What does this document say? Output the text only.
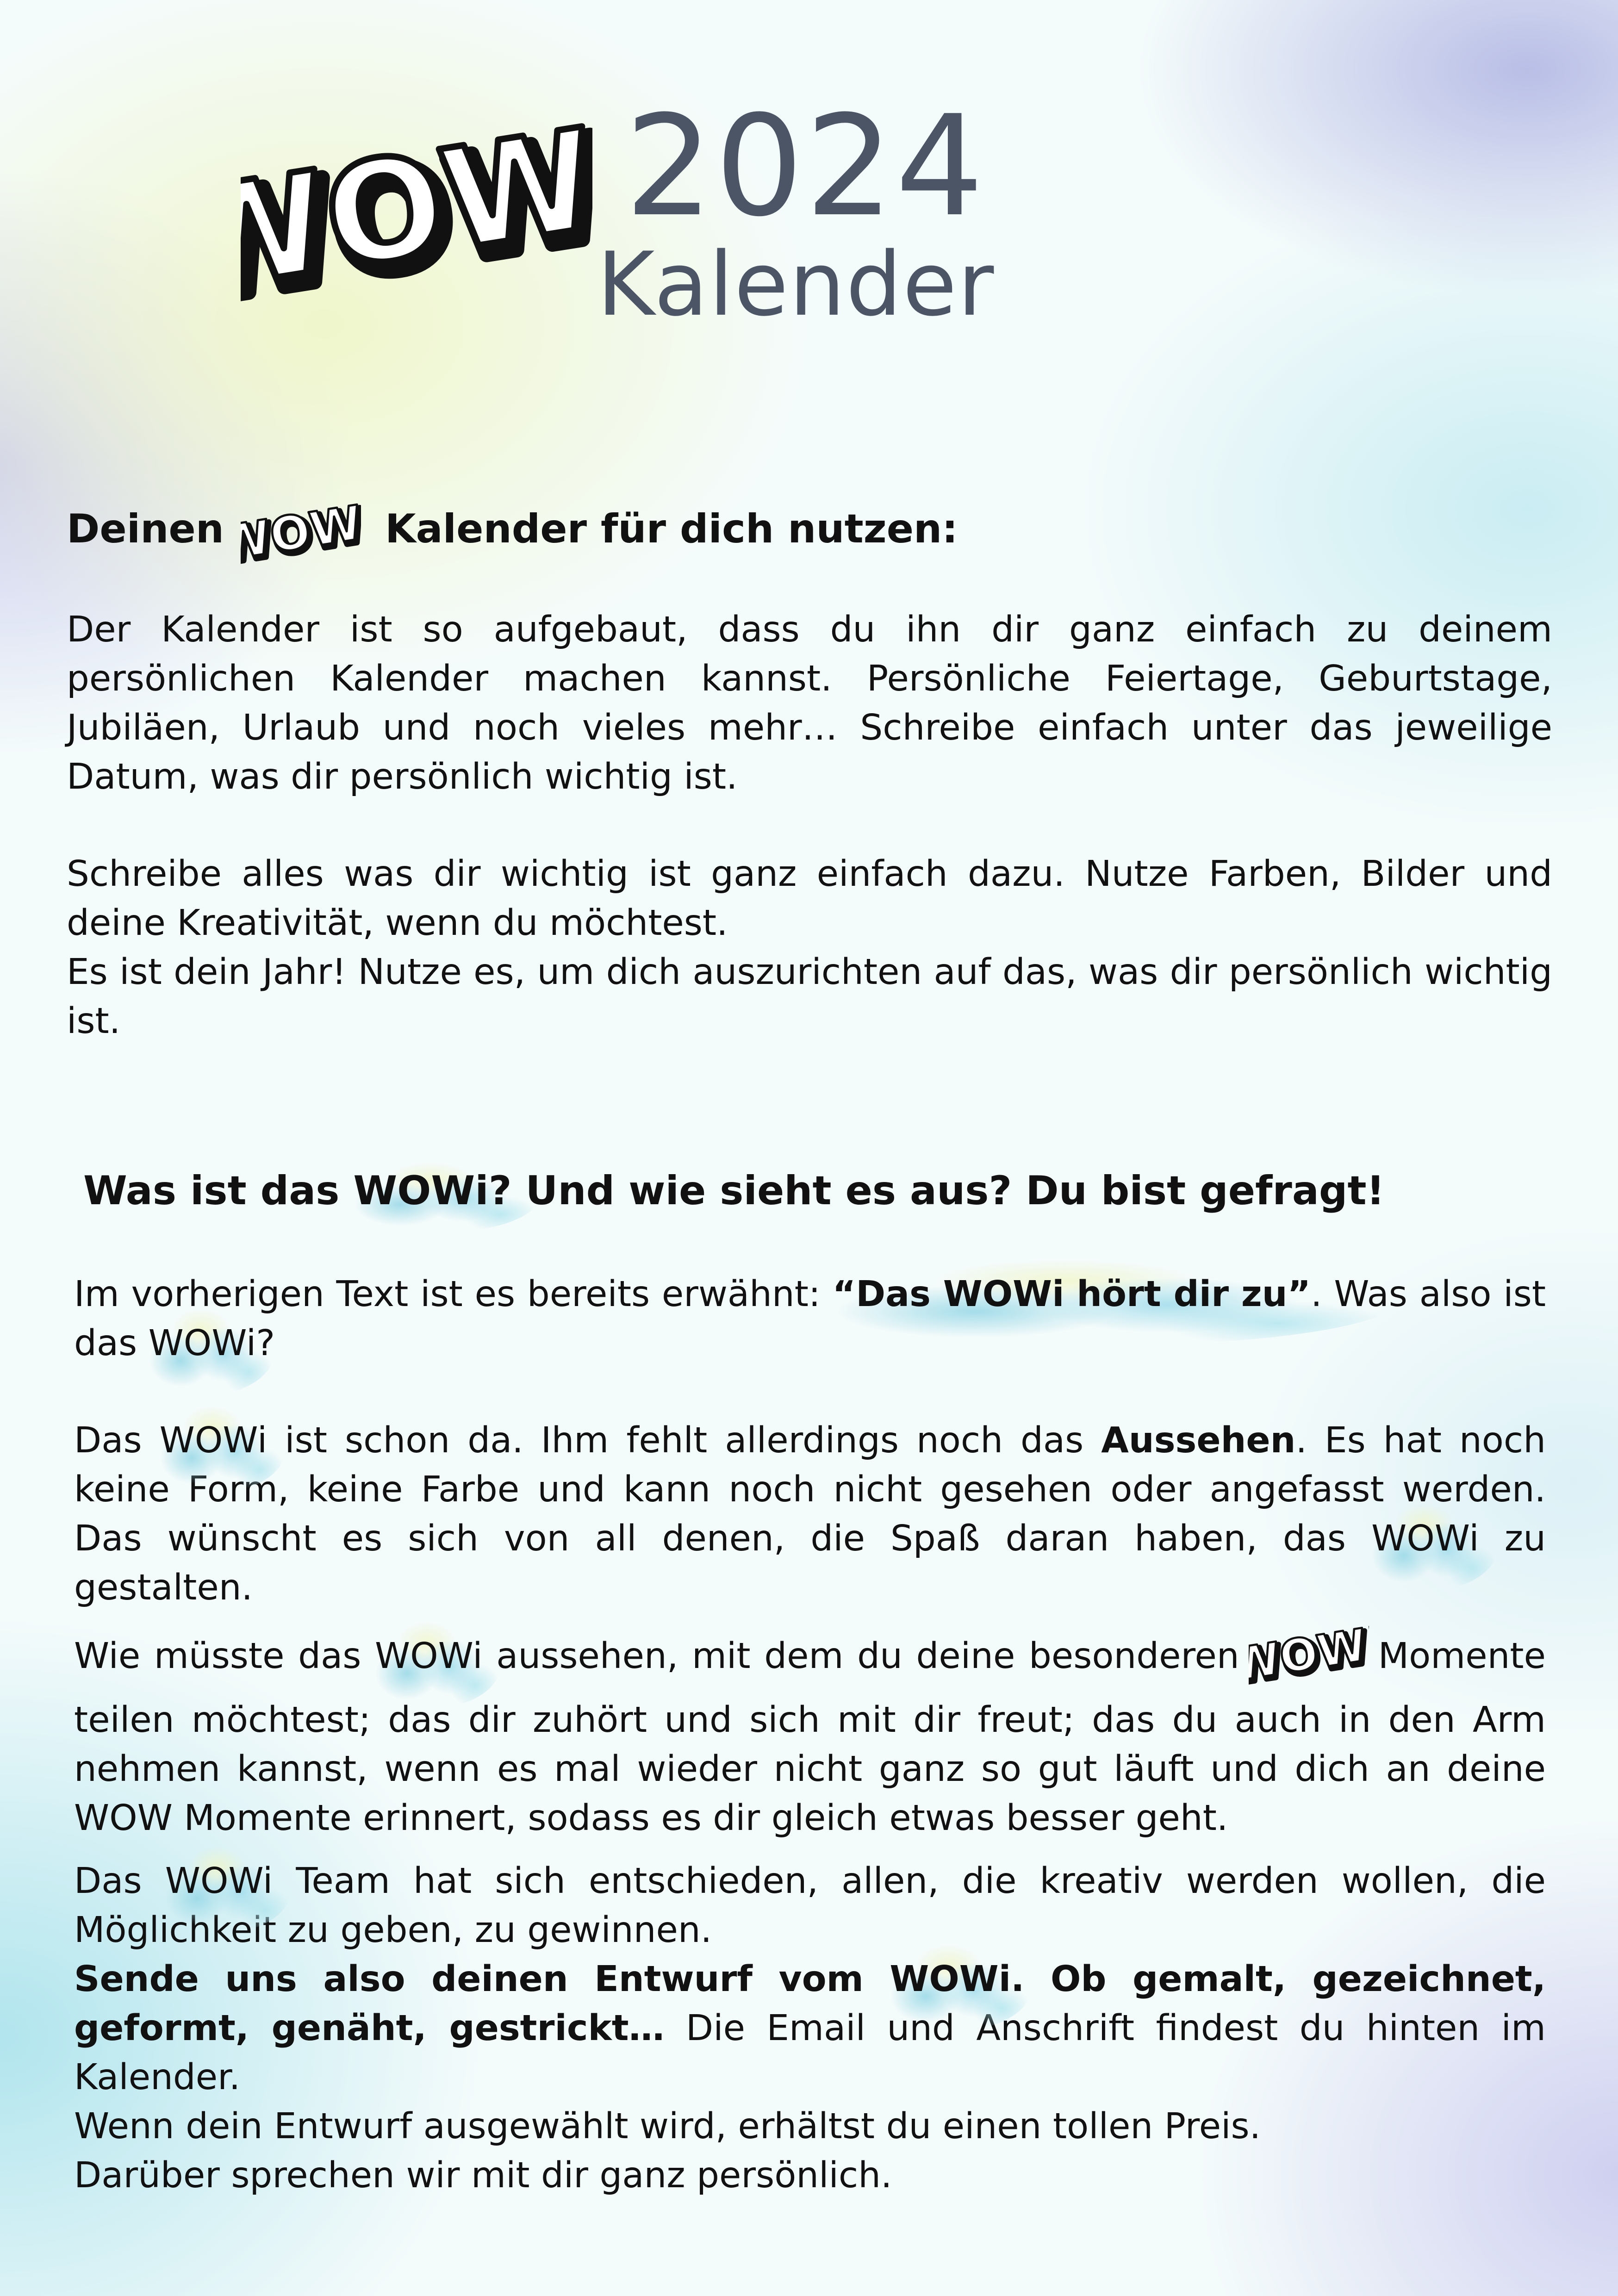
WOW!
WOW!
2024
Kalender
Deinen
WOW!
WOW!
Kalender für dich nutzen:
Der Kalender ist so aufgebaut, dass du ihn dir ganz einfach zu deinem persönlichen Kalender machen kannst. Persönliche Feiertage, Geburtstage, Jubiläen, Urlaub und noch vieles mehr… Schreibe einfach unter das jeweilige Datum, was dir persönlich wichtig ist.
Schreibe alles was dir wichtig ist ganz einfach dazu. Nutze Farben, Bilder und deine Kreativität, wenn du möchtest.
Es ist dein Jahr! Nutze es, um dich auszurichten auf das, was dir persönlich wichtig ist.
Was ist das WOWi? Und wie sieht es aus? Du bist gefragt!
Im vorherigen Text ist es bereits erwähnt: “Das WOWi hört dir zu”. Was also ist das WOWi?
Das WOWi ist schon da. Ihm fehlt allerdings noch das Aussehen. Es hat noch keine Form, keine Farbe und kann noch nicht gesehen oder angefasst werden. Das wünscht es sich von all denen, die Spaß daran haben, das WOWi zu gestalten.
Wie müsste das WOWi aussehen, mit dem du deine besonderen
WOW!
WOW!
Momente teilen möchtest; das dir zuhört und sich mit dir freut; das du auch in den Arm nehmen kannst, wenn es mal wieder nicht ganz so gut läuft und dich an deine WOW Momente erinnert, sodass es dir gleich etwas besser geht.
Das WOWi Team hat sich entschieden, allen, die kreativ werden wollen, die Möglichkeit zu geben, zu gewinnen.
Sende uns also deinen Entwurf vom WOWi. Ob gemalt, gezeichnet, geformt, genäht, gestrickt… Die Email und Anschrift findest du hinten im Kalender.
Wenn dein Entwurf ausgewählt wird, erhältst du einen tollen Preis.
Darüber sprechen wir mit dir ganz persönlich.
